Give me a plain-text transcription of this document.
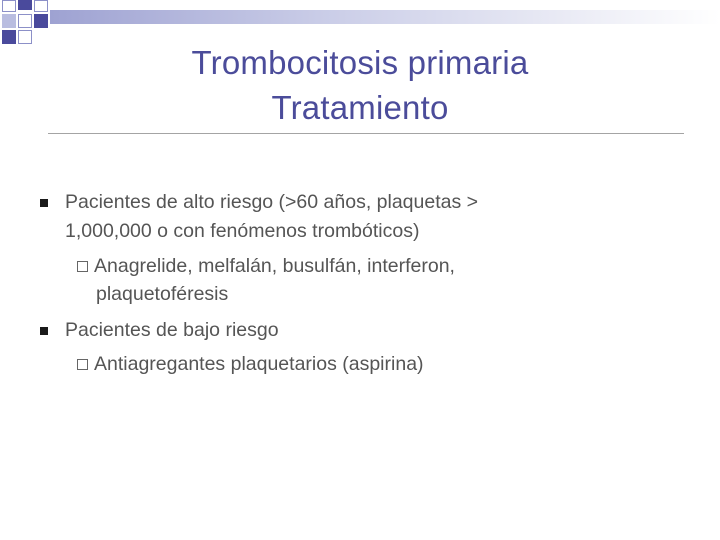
Trombocitosis primaria
Tratamiento
Pacientes de alto riesgo (>60 años, plaquetas >
1,000,000 o con fenómenos trombóticos)
Anagrelide, melfalán, busulfán, interferon,
plaquetoféresis
Pacientes de bajo riesgo
Antiagregantes plaquetarios (aspirina)
